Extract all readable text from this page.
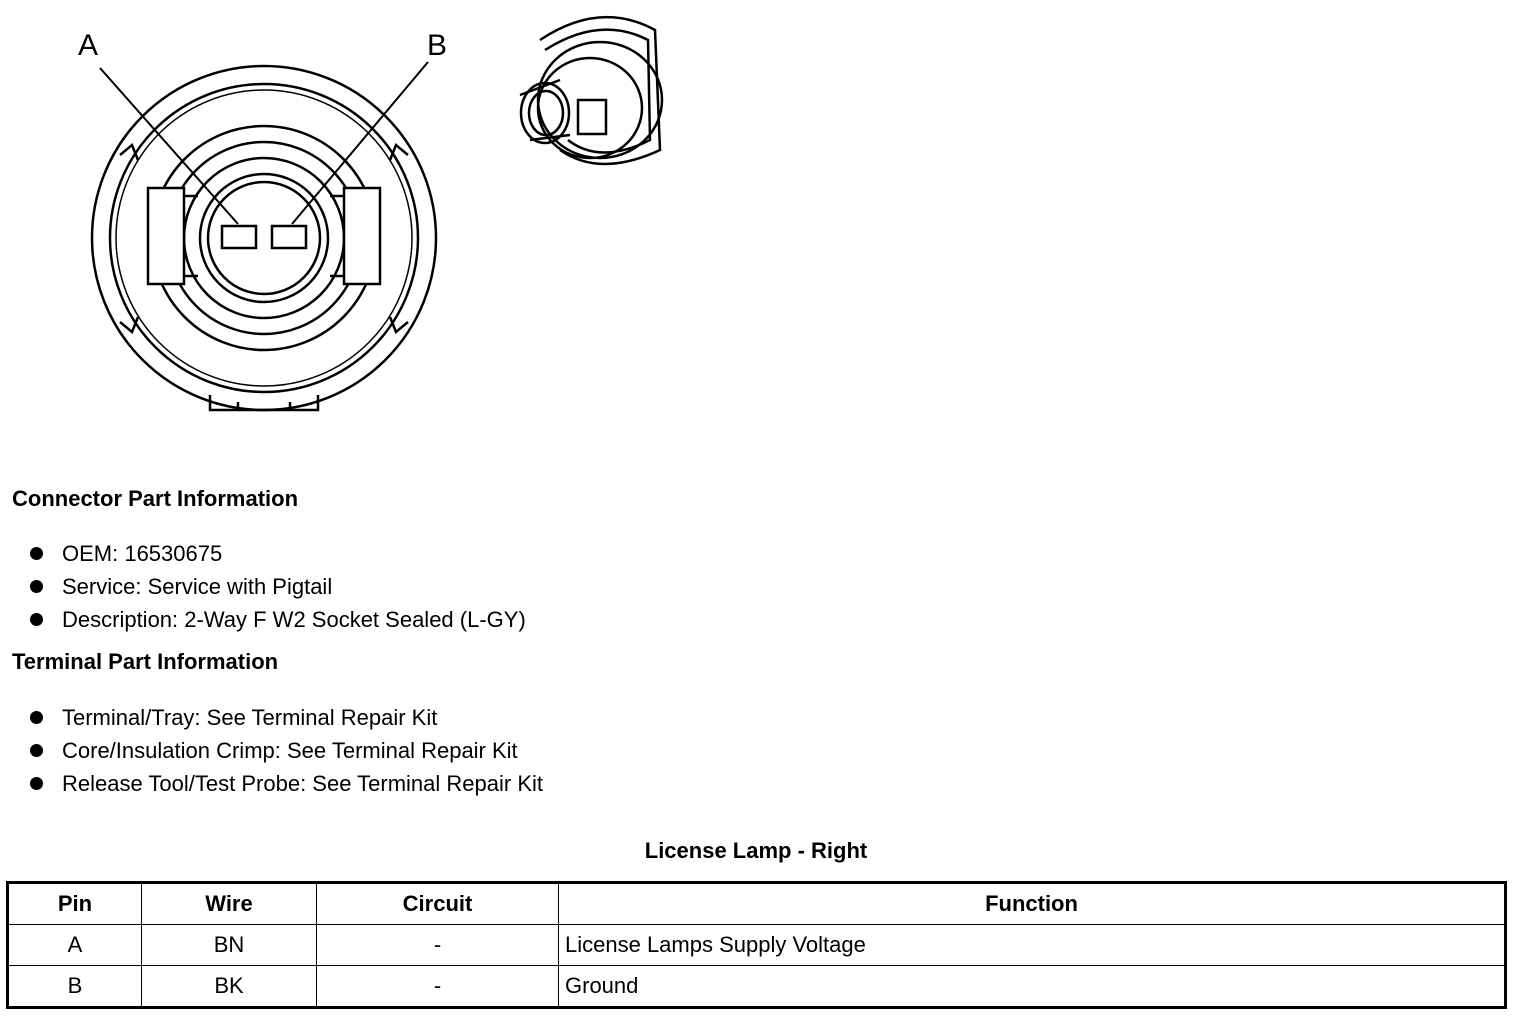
A	B
Connector Part Information
OEM: 16530675
Service: Service with Pigtail
Description: 2-Way F W2 Socket Sealed (L-GY)
Terminal Part Information
Terminal/Tray: See Terminal Repair Kit
Core/Insulation Crimp: See Terminal Repair Kit
Release Tool/Test Probe: See Terminal Repair Kit
License Lamp - Right
Pin	Wire	Circuit	Function
A	BN	-	License Lamps Supply Voltage
B	BK	-	Ground
